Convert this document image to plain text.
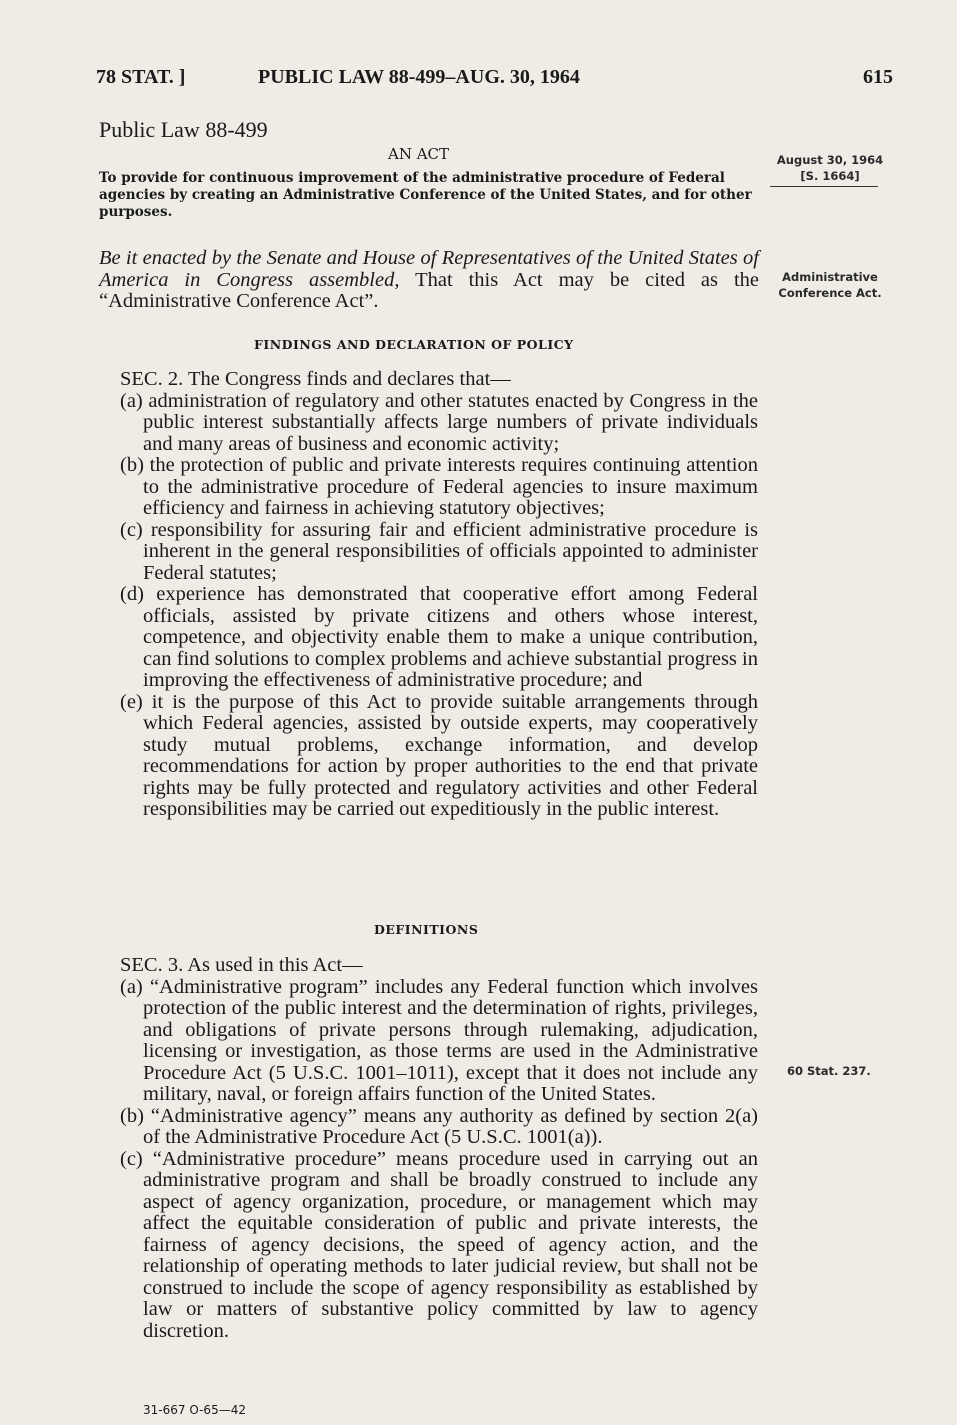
78 STAT. ]	PUBLIC LAW 88-499–AUG. 30, 1964	615

Public Law 88-499

AN ACT

To provide for continuous improvement of the administrative procedure of Federal agencies by creating an Administrative Conference of the United States, and for other purposes.

August 30, 1964
[S. 1664]
Administrative Conference Act.
60 Stat. 237.

Be it enacted by the Senate and House of Representatives of the United States of America in Congress assembled, That this Act may be cited as the “Administrative Conference Act”.

FINDINGS AND DECLARATION OF POLICY

SEC. 2. The Congress finds and declares that—
(a) administration of regulatory and other statutes enacted by Congress in the public interest substantially affects large numbers of private individuals and many areas of business and economic activity;
(b) the protection of public and private interests requires continuing attention to the administrative procedure of Federal agencies to insure maximum efficiency and fairness in achieving statutory objectives;
(c) responsibility for assuring fair and efficient administrative procedure is inherent in the general responsibilities of officials appointed to administer Federal statutes;
(d) experience has demonstrated that cooperative effort among Federal officials, assisted by private citizens and others whose interest, competence, and objectivity enable them to make a unique contribution, can find solutions to complex problems and achieve substantial progress in improving the effectiveness of administrative procedure; and
(e) it is the purpose of this Act to provide suitable arrangements through which Federal agencies, assisted by outside experts, may cooperatively study mutual problems, exchange information, and develop recommendations for action by proper authorities to the end that private rights may be fully protected and regulatory activities and other Federal responsibilities may be carried out expeditiously in the public interest.

DEFINITIONS

SEC. 3. As used in this Act—
(a) “Administrative program” includes any Federal function which involves protection of the public interest and the determination of rights, privileges, and obligations of private persons through rulemaking, adjudication, licensing or investigation, as those terms are used in the Administrative Procedure Act (5 U.S.C. 1001–1011), except that it does not include any military, naval, or foreign affairs function of the United States.
(b) “Administrative agency” means any authority as defined by section 2(a) of the Administrative Procedure Act (5 U.S.C. 1001(a)).
(c) “Administrative procedure” means procedure used in carrying out an administrative program and shall be broadly construed to include any aspect of agency organization, procedure, or management which may affect the equitable consideration of public and private interests, the fairness of agency decisions, the speed of agency action, and the relationship of operating methods to later judicial review, but shall not be construed to include the scope of agency responsibility as established by law or matters of substantive policy committed by law to agency discretion.

31-667 O-65—42
